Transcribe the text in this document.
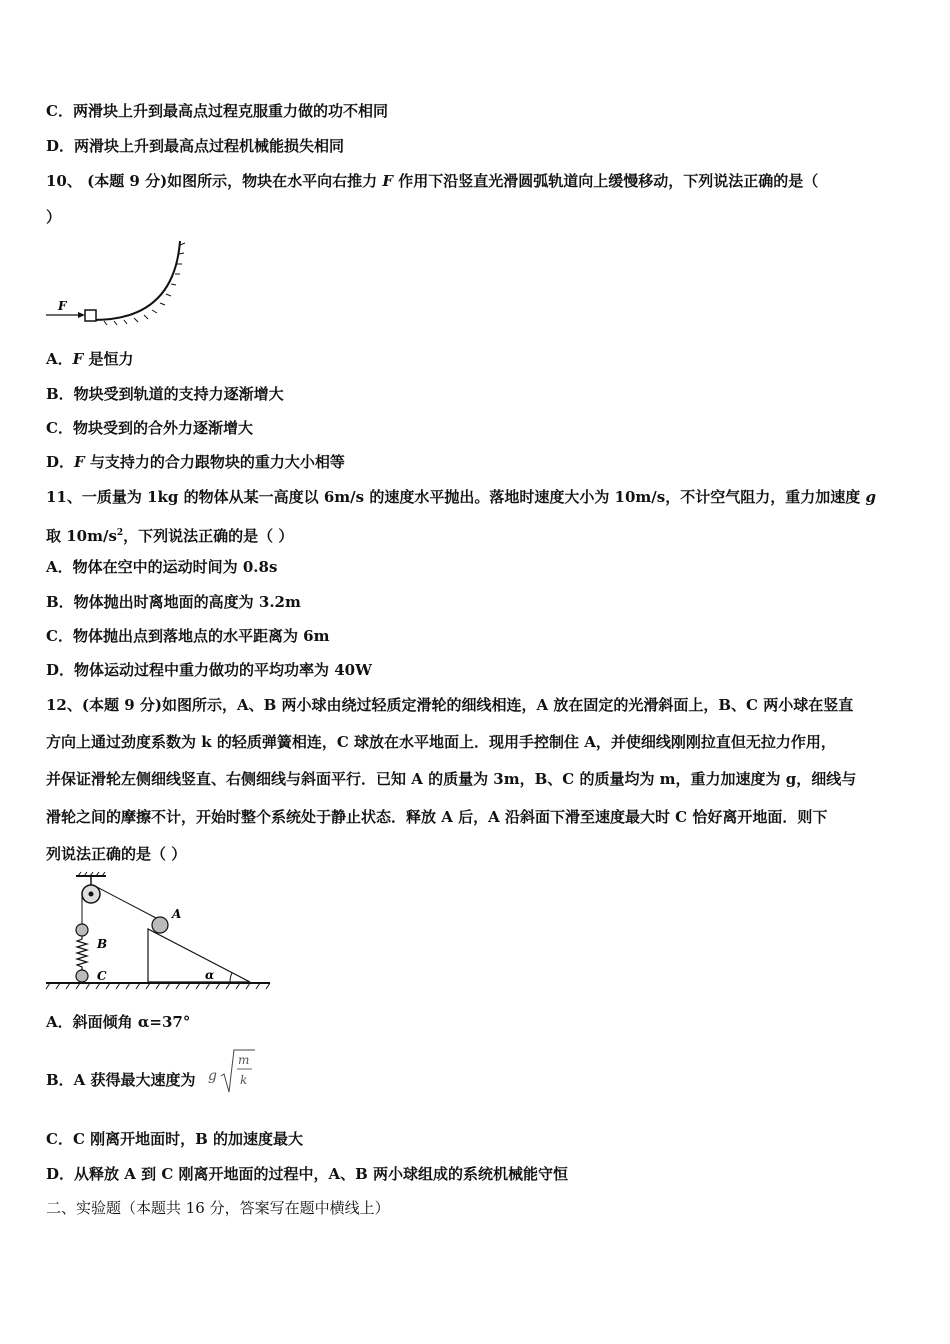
C．两滑块上升到最高点过程克服重力做的功不相同
D．两滑块上升到最高点过程机械能损失相同
10、 (本题 9 分)如图所示，物块在水平向右推力 F 作用下沿竖直光滑圆弧轨道向上缓慢移动，下列说法正确的是（
）
F
A．F 是恒力
B．物块受到轨道的支持力逐渐增大
C．物块受到的合外力逐渐增大
D．F 与支持力的合力跟物块的重力大小相等
11、一质量为 1kg 的物体从某一高度以 6m/s 的速度水平抛出。落地时速度大小为 10m/s，不计空气阻力，重力加速度 g
取 $10m/s^2$，下列说法正确的是（ ）
A．物体在空中的运动时间为 0.8s
B．物体抛出时离地面的高度为 3.2m
C．物体抛出点到落地点的水平距离为 6m
D．物体运动过程中重力做功的平均功率为 40W
12、(本题 9 分)如图所示，A、B 两小球由绕过轻质定滑轮的细线相连，A 放在固定的光滑斜面上，B、C 两小球在竖直
方向上通过劲度系数为 k 的轻质弹簧相连，C 球放在水平地面上．现用手控制住 A，并使细线刚刚拉直但无拉力作用，
并保证滑轮左侧细线竖直、右侧细线与斜面平行．已知 A 的质量为 3m，B、C 的质量均为 m，重力加速度为 g，细线与
滑轮之间的摩擦不计，开始时整个系统处于静止状态．释放 A 后，A 沿斜面下滑至速度最大时 C 恰好离开地面．则下
列说法正确的是（ ）
A
B
C	α
A．斜面倾角 α=37°
B．A 获得最大速度为 g
m
k
C．C 刚离开地面时，B 的加速度最大
D．从释放 A 到 C 刚离开地面的过程中，A、B 两小球组成的系统机械能守恒
二、实验题（本题共 16 分，答案写在题中横线上）
